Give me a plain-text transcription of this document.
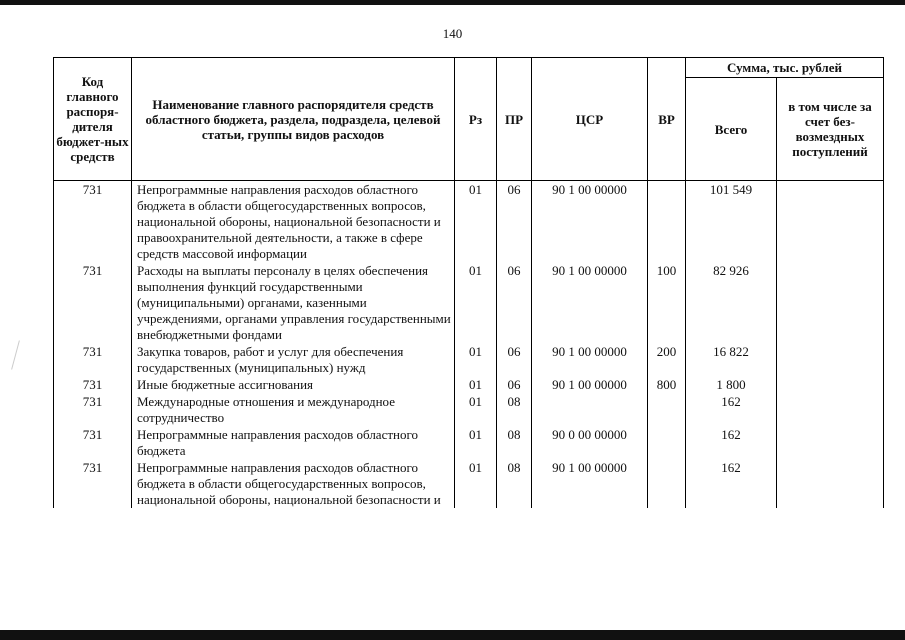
140
Код главного распоря-дителя бюджет-ных средств	Наименование главного распорядителя средств областного бюджета, раздела, подраздела, целевой статьи, группы видов расходов	Рз	ПР	ЦСР	ВР	Сумма, тыс. рублей	
						Всего	в том числе за счет без-возмездных поступлений
731	Непрограммные направления расходов областного бюджета в области общегосударственных вопросов, национальной обороны, национальной безопасности и правоохранительной деятельности, а также в сфере средств массовой информации	01	06	90 1 00 00000		101 549	
731	Расходы на выплаты персоналу в целях обеспечения выполнения функций государственными (муниципальными) органами, казенными учреждениями, органами управления государственными внебюджетными фондами	01	06	90 1 00 00000	100	82 926	
731	Закупка товаров, работ и услуг для обеспечения государственных (муниципальных) нужд	01	06	90 1 00 00000	200	16 822	
731	Иные бюджетные ассигнования	01	06	90 1 00 00000	800	1 800	
731	Международные отношения и международное сотрудничество	01	08			162	
731	Непрограммные направления расходов областного бюджета	01	08	90 0 00 00000		162	
731	Непрограммные направления расходов областного бюджета в области общегосударственных вопросов, национальной обороны, национальной безопасности и	01	08	90 1 00 00000		162	
